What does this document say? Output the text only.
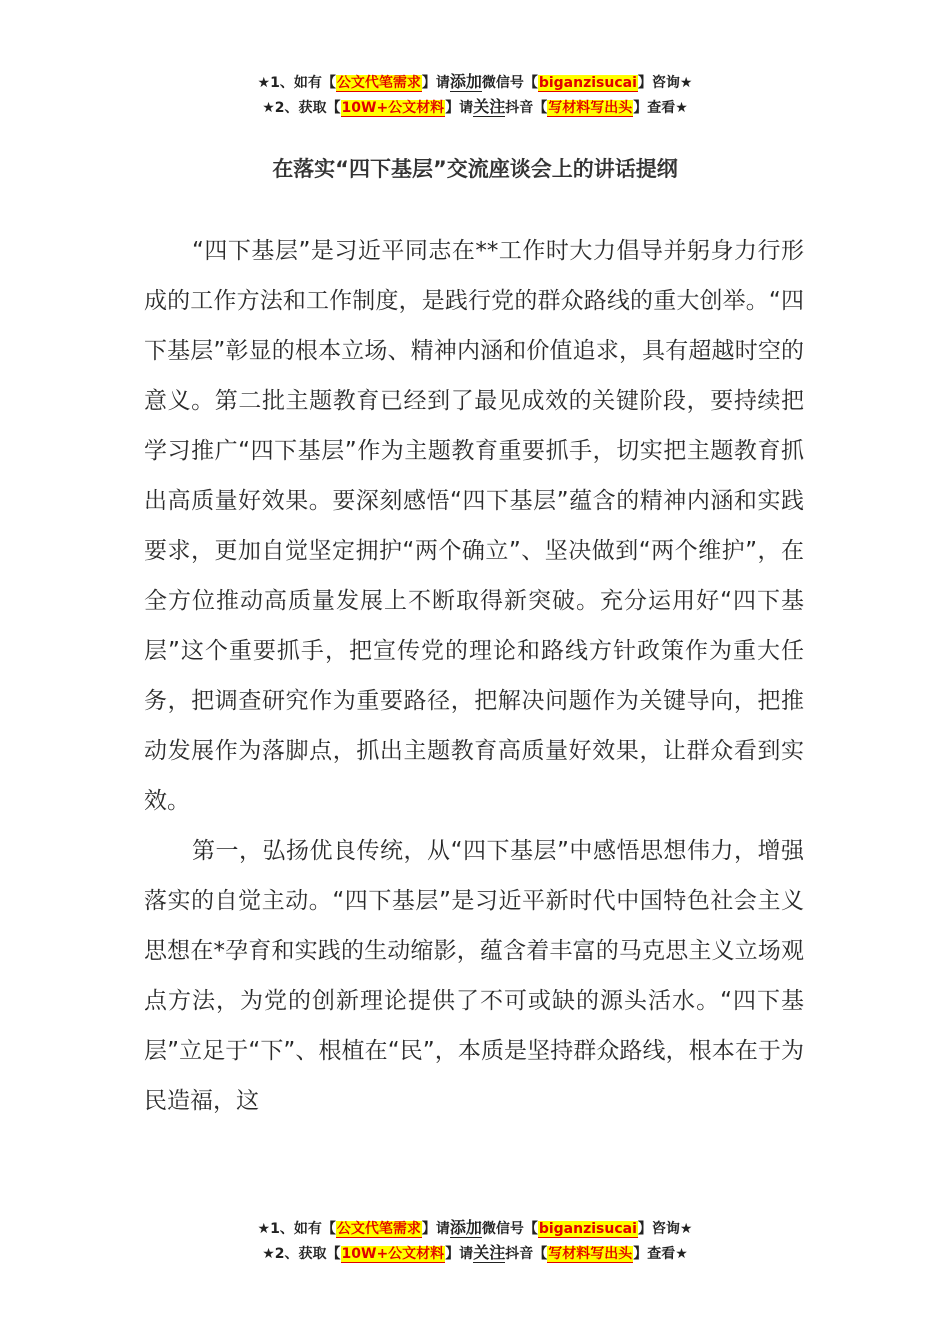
★1、如有【公文代笔需求】请添加微信号【biganzisucai】咨询★
★2、获取【10W+公文材料】请关注抖音【写材料写出头】查看★
在落实“四下基层”交流座谈会上的讲话提纲

“四下基层”是习近平同志在**工作时大力倡导并躬身力行形成的工作方法和工作制度，是践行党的群众路线的重大创举。“四下基层”彰显的根本立场、精神内涵和价值追求，具有超越时空的意义。第二批主题教育已经到了最见成效的关键阶段，要持续把学习推广“四下基层”作为主题教育重要抓手，切实把主题教育抓出高质量好效果。要深刻感悟“四下基层”蕴含的精神内涵和实践要求，更加自觉坚定拥护“两个确立”、坚决做到“两个维护”，在全方位推动高质量发展上不断取得新突破。充分运用好“四下基层”这个重要抓手，把宣传党的理论和路线方针政策作为重大任务，把调查研究作为重要路径，把解决问题作为关键导向，把推动发展作为落脚点，抓出主题教育高质量好效果，让群众看到实效。

第一，弘扬优良传统，从“四下基层”中感悟思想伟力，增强落实的自觉主动。“四下基层”是习近平新时代中国特色社会主义思想在*孕育和实践的生动缩影，蕴含着丰富的马克思主义立场观点方法，为党的创新理论提供了不可或缺的源头活水。“四下基层”立足于“下”、根植在“民”，本质是坚持群众路线，根本在于为民造福，这

★1、如有【公文代笔需求】请添加微信号【biganzisucai】咨询★
★2、获取【10W+公文材料】请关注抖音【写材料写出头】查看★
